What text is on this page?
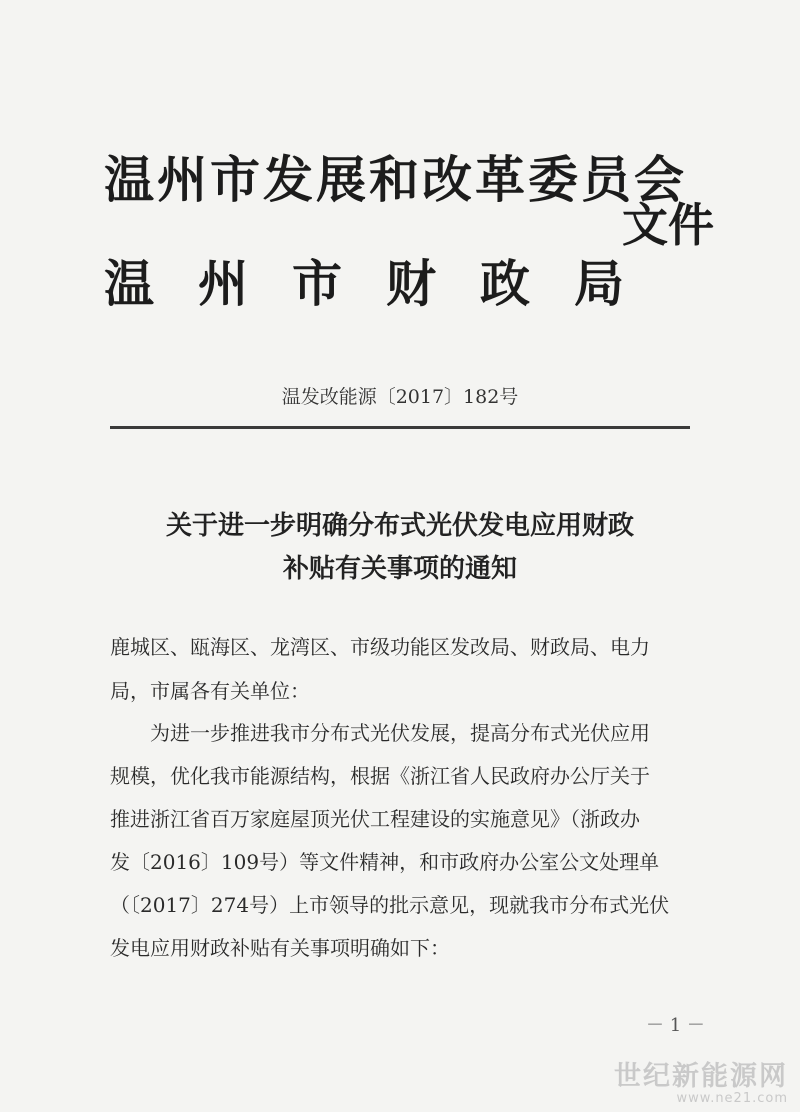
温州市发展和改革委员会
温州市财政局
文件
温发改能源〔2017〕182号
关于进一步明确分布式光伏发电应用财政
补贴有关事项的通知
鹿城区、瓯海区、龙湾区、市级功能区发改局、财政局、电力
局，市属各有关单位：
为进一步推进我市分布式光伏发展，提高分布式光伏应用
规模，优化我市能源结构，根据《浙江省人民政府办公厅关于
推进浙江省百万家庭屋顶光伏工程建设的实施意见》（浙政办
发〔2016〕109号）等文件精神，和市政府办公室公文处理单
（〔2017〕274号）上市领导的批示意见，现就我市分布式光伏
发电应用财政补贴有关事项明确如下：
－ 1 －
世纪新能源网
www.ne21.com
